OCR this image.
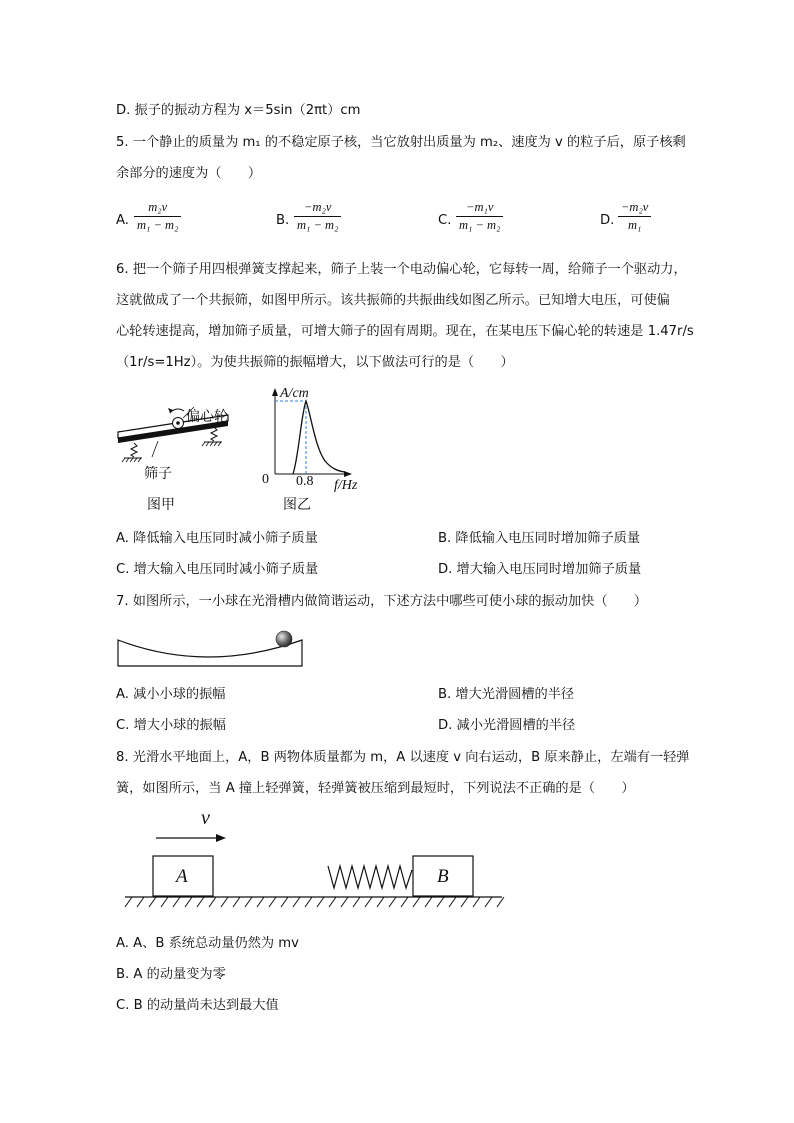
D. 振子的振动方程为 x＝5sin（2πt）cm
5. 一个静止的质量为 m₁ 的不稳定原子核，当它放射出质量为 m₂、速度为 v 的粒子后，原子核剩
余部分的速度为（　　）
A. $\frac{\text{m₂v}}{\text{m₁ − m₂}}$	B. $\frac{\text{−m₂v}}{\text{m₁ − m₂}}$	C. $\frac{\text{−m₁v}}{\text{m₁ − m₂}}$	D. $\frac{\text{−m₂v}}{\text{m₁}}$
6. 把一个筛子用四根弹簧支撑起来，筛子上装一个电动偏心轮，它每转一周，给筛子一个驱动力，
这就做成了一个共振筛，如图甲所示。该共振筛的共振曲线如图乙所示。已知增大电压，可使偏
心轮转速提高，增加筛子质量，可增大筛子的固有周期。现在，在某电压下偏心轮的转速是 1.47r/s
（1r/s=1Hz）。为使共振筛的振幅增大，以下做法可行的是（　　）
偏心轮
筛子
图甲
A/cm
0 0.8 f/Hz
图乙
A. 降低输入电压同时减小筛子质量	B. 降低输入电压同时增加筛子质量
C. 增大输入电压同时减小筛子质量	D. 增大输入电压同时增加筛子质量
7. 如图所示，一小球在光滑槽内做简谐运动，下述方法中哪些可使小球的振动加快（　　）
A. 减小小球的振幅	B. 增大光滑圆槽的半径
C. 增大小球的振幅	D. 减小光滑圆槽的半径
8. 光滑水平地面上，A，B 两物体质量都为 m，A 以速度 v 向右运动，B 原来静止，左端有一轻弹
簧，如图所示，当 A 撞上轻弹簧，轻弹簧被压缩到最短时，下列说法不正确的是（　　）
v
A	B
A. A、B 系统总动量仍然为 mv
B. A 的动量变为零
C. B 的动量尚未达到最大值
